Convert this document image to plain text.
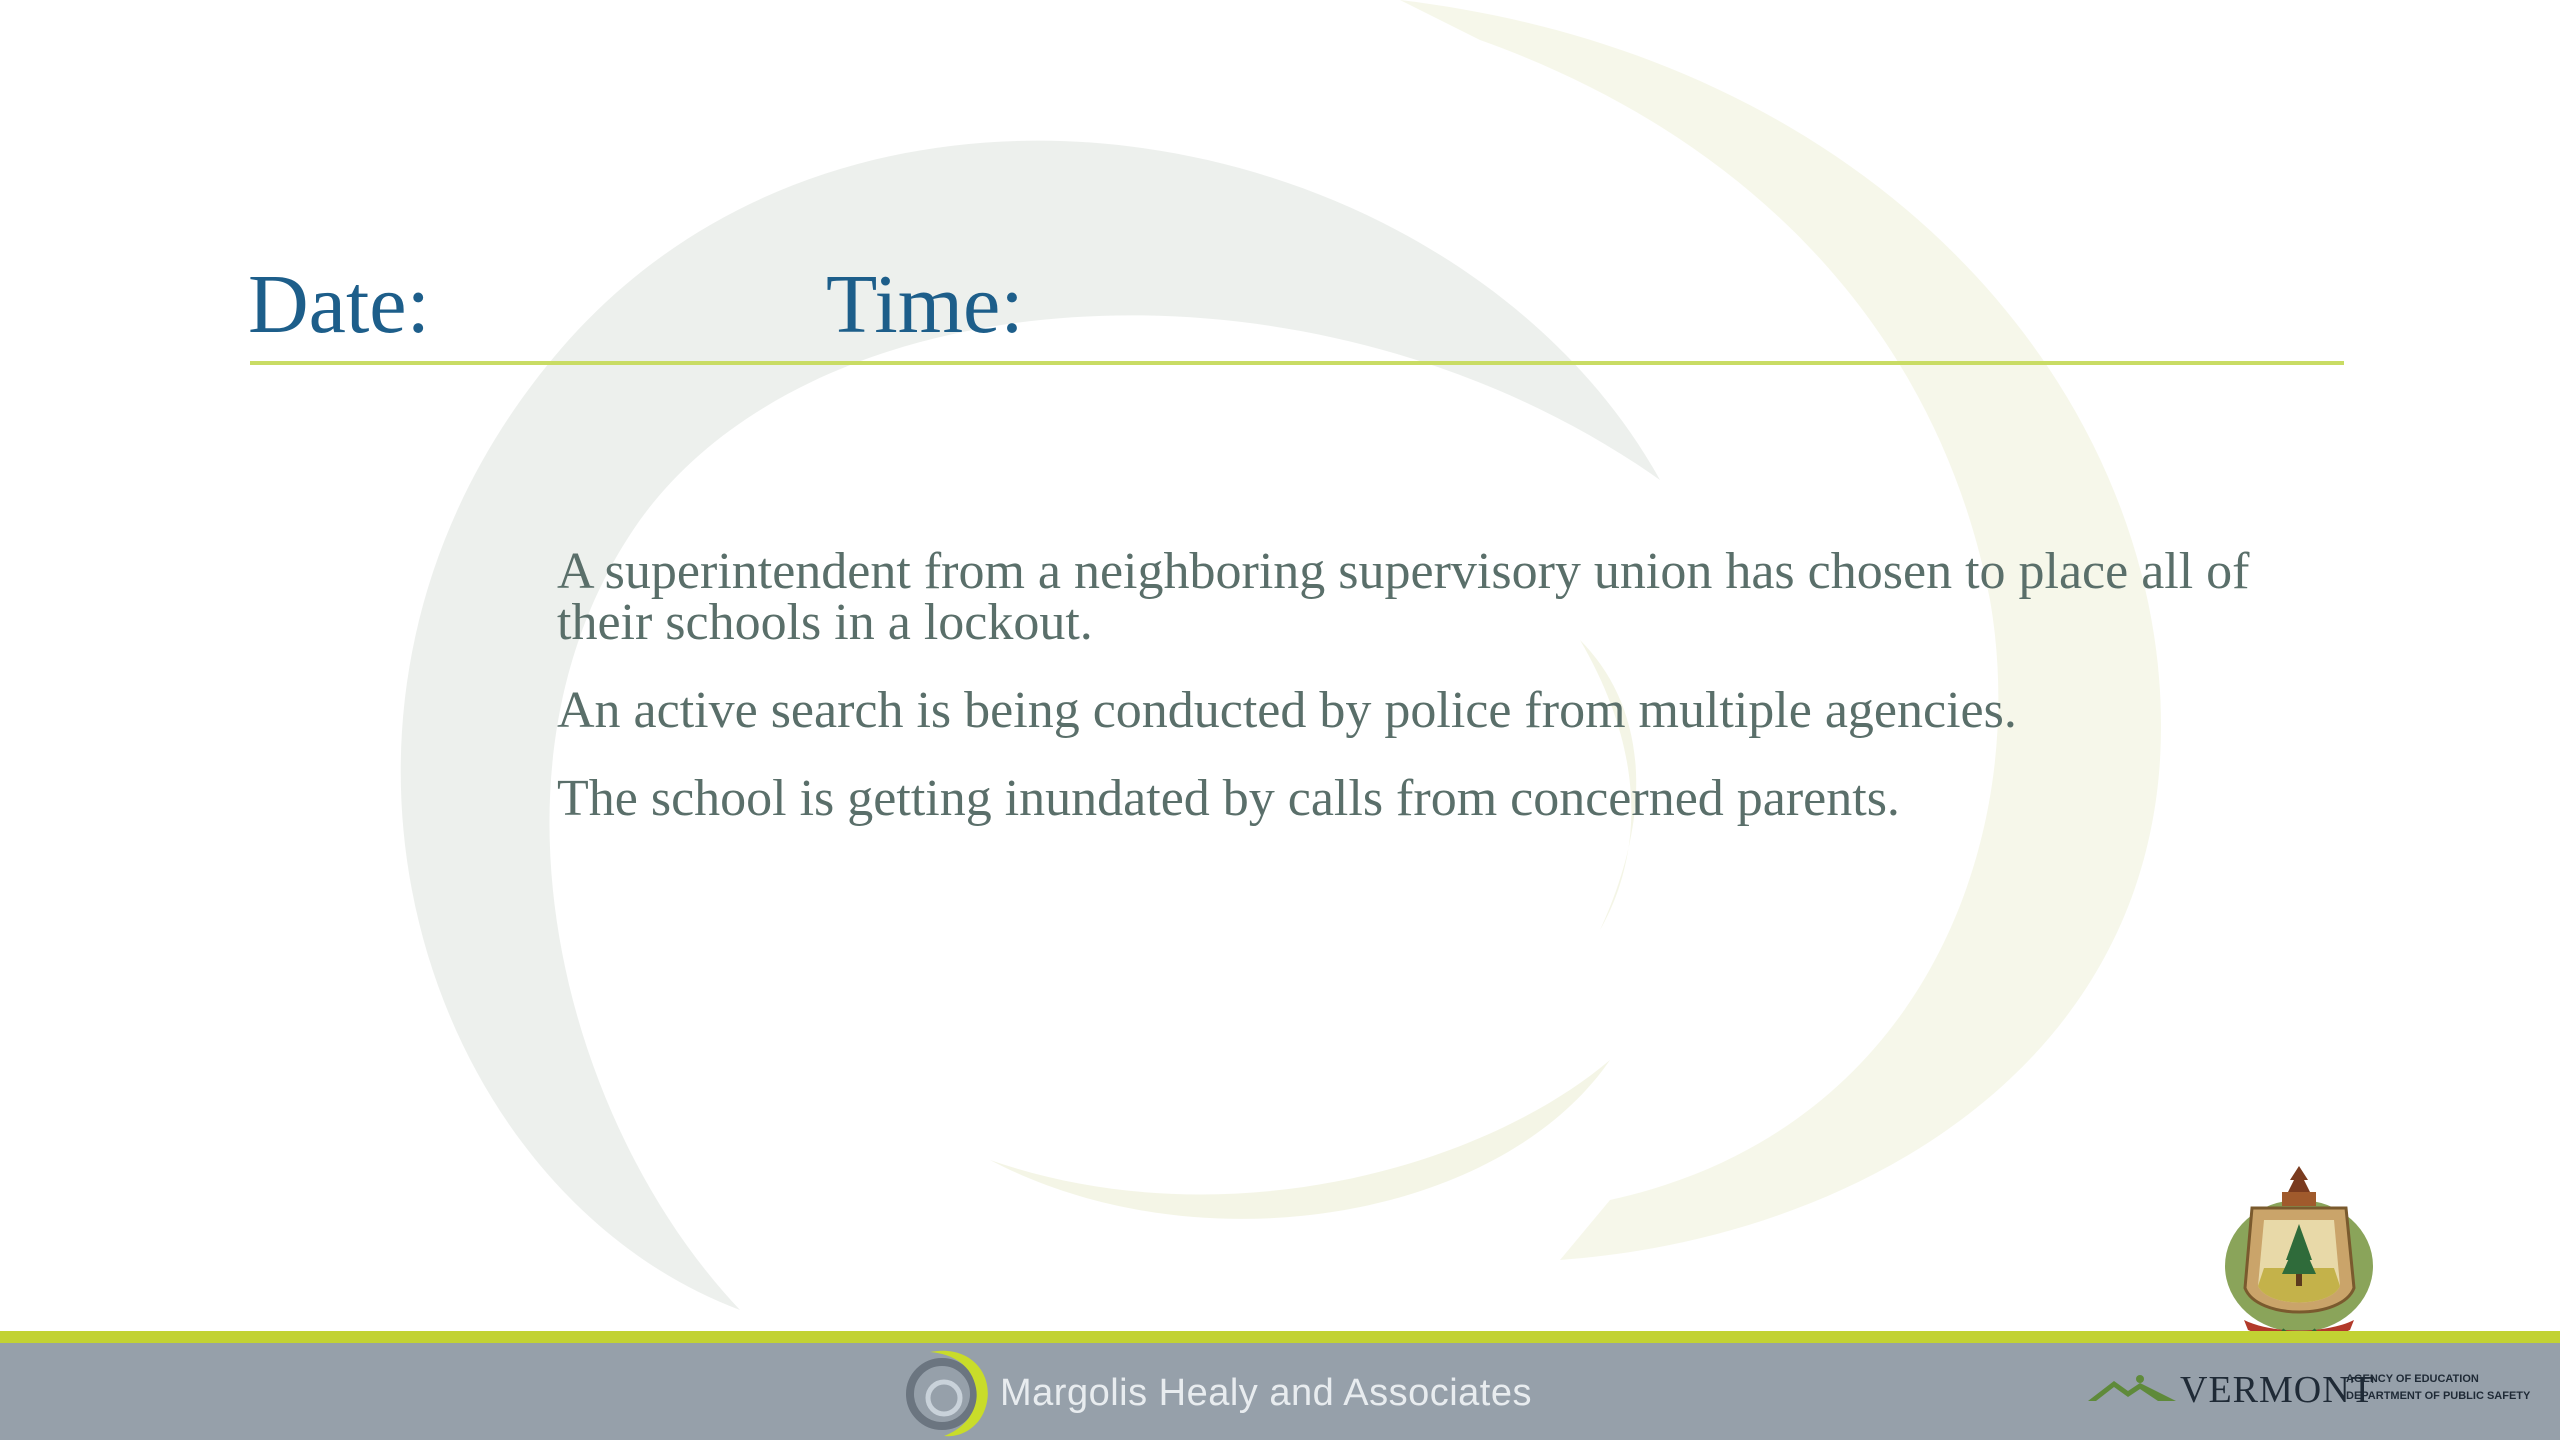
Date:	Time:

A superintendent from a neighboring supervisory union has chosen to place all of their schools in a lockout.

An active search is being conducted by police from multiple agencies.

The school is getting inundated by calls from concerned parents.

Margolis Healy and Associates	VERMONT
AGENCY OF EDUCATION
DEPARTMENT OF PUBLIC SAFETY
